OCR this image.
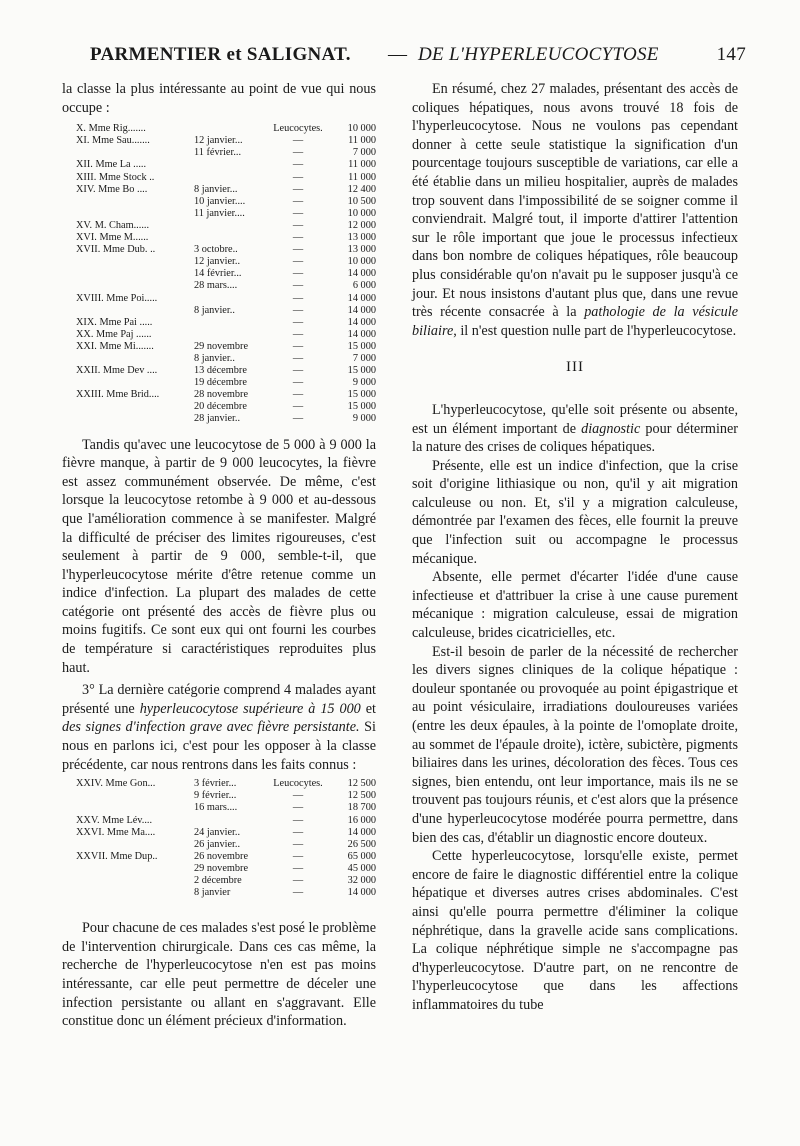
PARMENTIER et SALIGNAT. — DE L'HYPERLEUCOCYTOSE	147

la classe la plus intéressante au point de vue qui nous occupe :

X. Mme Rig.......		Leucocytes.	10 000
XI. Mme Sau.......	12 janvier...	—	11 000
	11 février...	—	7 000
XII. Mme La .....		—	11 000
XIII. Mme Stock ..		—	11 000
XIV. Mme Bo ....	8 janvier...	—	12 400
	10 janvier....	—	10 500
	11 janvier....	—	10 000
XV. M. Cham......		—	12 000
XVI. Mme M......		—	13 000
XVII. Mme Dub. ..	3 octobre..	—	13 000
	12 janvier..	—	10 000
	14 février...	—	14 000
	28 mars....	—	6 000
XVIII. Mme Poi.....		—	14 000
	8 janvier..	—	14 000
XIX. Mme Pai .....		—	14 000
XX. Mme Paj ......		—	14 000
XXI. Mme Mi.......	29 novembre	—	15 000
	8 janvier..	—	7 000
XXII. Mme Dev ....	13 décembre	—	15 000
	19 décembre	—	9 000
XXIII. Mme Brid....	28 novembre	—	15 000
	20 décembre	—	15 000
	28 janvier..	—	9 000

Tandis qu'avec une leucocytose de 5 000 à 9 000 la fièvre manque, à partir de 9 000 leucocytes, la fièvre est assez communément observée. De même, c'est lorsque la leucocytose retombe à 9 000 et au-dessous que l'amélioration commence à se manifester. Malgré la difficulté de préciser des limites rigoureuses, c'est seulement à partir de 9 000, semble-t-il, que l'hyperleucocytose mérite d'être retenue comme un indice d'infection. La plupart des malades de cette catégorie ont présenté des accès de fièvre plus ou moins fugitifs. Ce sont eux qui ont fourni les courbes de température si caractéristiques reproduites plus haut.

3° La dernière catégorie comprend 4 malades ayant présenté une hyperleucocytose supérieure à 15 000 et des signes d'infection grave avec fièvre persistante. Si nous en parlons ici, c'est pour les opposer à la classe précédente, car nous rentrons dans les faits connus :

XXIV. Mme Gon...	3 février...	Leucocytes.	12 500
	9 février...	—	12 500
	16 mars....	—	18 700
XXV. Mme Lév....		—	16 000
XXVI. Mme Ma....	24 janvier..	—	14 000
	26 janvier..	—	26 500
XXVII. Mme Dup..	26 novembre	—	65 000
	29 novembre	—	45 000
	2 décembre	—	32 000
	8 janvier	—	14 000

Pour chacune de ces malades s'est posé le problème de l'intervention chirurgicale. Dans ces cas même, la recherche de l'hyperleucocytose n'en est pas moins intéressante, car elle peut permettre de déceler une infection persistante ou allant en s'aggravant. Elle constitue donc un élément précieux d'information.

En résumé, chez 27 malades, présentant des accès de coliques hépatiques, nous avons trouvé 18 fois de l'hyperleucocytose. Nous ne voulons pas cependant donner à cette seule statistique la signification d'un pourcentage toujours susceptible de variations, car elle a été établie dans un milieu hospitalier, auprès de malades trop souvent dans l'impossibilité de se soigner comme il conviendrait. Malgré tout, il importe d'attirer l'attention sur le rôle important que joue le processus infectieux dans bon nombre de coliques hépatiques, rôle beaucoup plus considérable qu'on n'avait pu le supposer jusqu'à ce jour. Et nous insistons d'autant plus que, dans une revue très récente consacrée à la pathologie de la vésicule biliaire, il n'est question nulle part de l'hyperleucocytose.

III

L'hyperleucocytose, qu'elle soit présente ou absente, est un élément important de diagnostic pour déterminer la nature des crises de coliques hépatiques.

Présente, elle est un indice d'infection, que la crise soit d'origine lithiasique ou non, qu'il y ait migration calculeuse ou non. Et, s'il y a migration calculeuse, démontrée par l'examen des fèces, elle fournit la preuve que l'infection suit ou accompagne le processus mécanique.

Absente, elle permet d'écarter l'idée d'une cause infectieuse et d'attribuer la crise à une cause purement mécanique : migration calculeuse, essai de migration calculeuse, brides cicatricielles, etc.

Est-il besoin de parler de la nécessité de rechercher les divers signes cliniques de la colique hépatique : douleur spontanée ou provoquée au point épigastrique et au point vésiculaire, irradiations douloureuses variées (entre les deux épaules, à la pointe de l'omoplate droite, au sommet de l'épaule droite), ictère, subictère, pigments biliaires dans les urines, décoloration des fèces. Tous ces signes, bien entendu, ont leur importance, mais ils ne se trouvent pas toujours réunis, et c'est alors que la présence d'une hyperleucocytose modérée pourra permettre, dans bien des cas, d'établir un diagnostic encore douteux.

Cette hyperleucocytose, lorsqu'elle existe, permet encore de faire le diagnostic différentiel entre la colique hépatique et diverses autres crises abdominales. C'est ainsi qu'elle pourra permettre d'éliminer la colique néphrétique, dans la gravelle acide sans complications. La colique néphrétique simple ne s'accompagne pas d'hyperleucocytose. D'autre part, on ne rencontre de l'hyperleucocytose que dans les affections inflammatoires du tube
